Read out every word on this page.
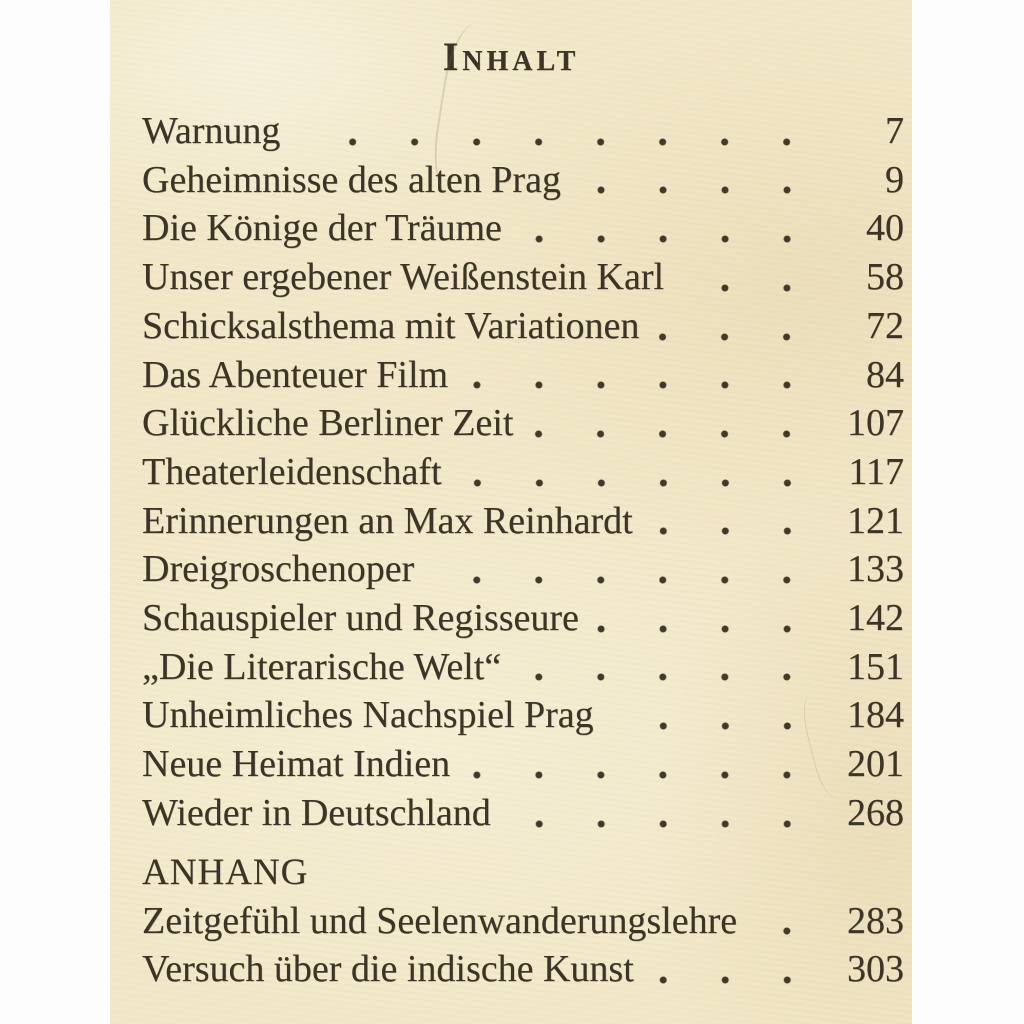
Inhalt
Warnung	7
Geheimnisse des alten Prag	9
Die Könige der Träume	40
Unser ergebener Weißenstein Karl	58
Schicksalsthema mit Variationen	72
Das Abenteuer Film	84
Glückliche Berliner Zeit	107
Theaterleidenschaft	117
Erinnerungen an Max Reinhardt	121
Dreigroschenoper	133
Schauspieler und Regisseure	142
„Die Literarische Welt“	151
Unheimliches Nachspiel Prag	184
Neue Heimat Indien	201
Wieder in Deutschland	268
ANHANG
Zeitgefühl und Seelenwanderungslehre	283
Versuch über die indische Kunst	303
